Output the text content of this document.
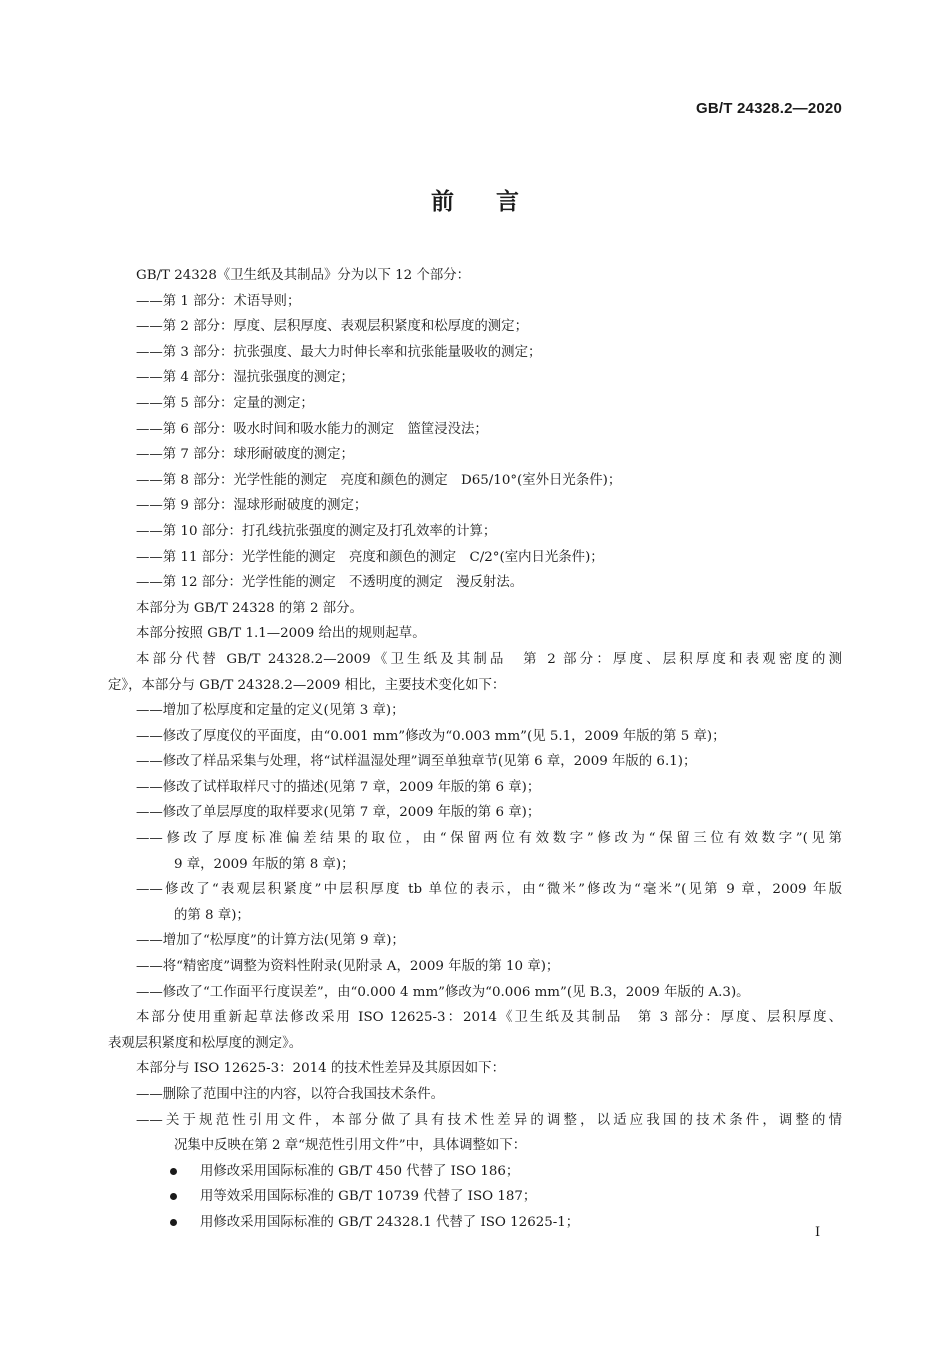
GB/T 24328.2—2020
前言
GB/T 24328《卫生纸及其制品》分为以下 12 个部分：
——第 1 部分：术语导则；
——第 2 部分：厚度、层积厚度、表观层积紧度和松厚度的测定；
——第 3 部分：抗张强度、最大力时伸长率和抗张能量吸收的测定；
——第 4 部分：湿抗张强度的测定；
——第 5 部分：定量的测定；
——第 6 部分：吸水时间和吸水能力的测定　篮筐浸没法；
——第 7 部分：球形耐破度的测定；
——第 8 部分：光学性能的测定　亮度和颜色的测定　D65/10°(室外日光条件)；
——第 9 部分：湿球形耐破度的测定；
——第 10 部分：打孔线抗张强度的测定及打孔效率的计算；
——第 11 部分：光学性能的测定　亮度和颜色的测定　C/2°(室内日光条件)；
——第 12 部分：光学性能的测定　不透明度的测定　漫反射法。
本部分为 GB/T 24328 的第 2 部分。
本部分按照 GB/T 1.1—2009 给出的规则起草。
本部分代替 GB/T 24328.2—2009《卫生纸及其制品　第 2 部分：厚度、层积厚度和表观密度的测
定》，本部分与 GB/T 24328.2—2009 相比，主要技术变化如下：
——增加了松厚度和定量的定义(见第 3 章)；
——修改了厚度仪的平面度，由“0.001 mm”修改为“0.003 mm”(见 5.1，2009 年版的第 5 章)；
——修改了样品采集与处理，将“试样温湿处理”调至单独章节(见第 6 章，2009 年版的 6.1)；
——修改了试样取样尺寸的描述(见第 7 章，2009 年版的第 6 章)；
——修改了单层厚度的取样要求(见第 7 章，2009 年版的第 6 章)；
——修改了厚度标准偏差结果的取位，由“保留两位有效数字”修改为“保留三位有效数字”(见第
9 章，2009 年版的第 8 章)；
——修改了“表观层积紧度”中层积厚度 tb 单位的表示，由“微米”修改为“毫米”(见第 9 章，2009 年版
的第 8 章)；
——增加了“松厚度”的计算方法(见第 9 章)；
——将“精密度”调整为资料性附录(见附录 A，2009 年版的第 10 章)；
——修改了“工作面平行度误差”，由“0.000 4 mm”修改为“0.006 mm”(见 B.3，2009 年版的 A.3)。
本部分使用重新起草法修改采用 ISO 12625-3：2014《卫生纸及其制品　第 3 部分：厚度、层积厚度、
表观层积紧度和松厚度的测定》。
本部分与 ISO 12625-3：2014 的技术性差异及其原因如下：
——删除了范围中注的内容，以符合我国技术条件。
——关于规范性引用文件，本部分做了具有技术性差异的调整，以适应我国的技术条件，调整的情
况集中反映在第 2 章“规范性引用文件”中，具体调整如下：
用修改采用国际标准的 GB/T 450 代替了 ISO 186；
用等效采用国际标准的 GB/T 10739 代替了 ISO 187；
用修改采用国际标准的 GB/T 24328.1 代替了 ISO 12625-1；
I
